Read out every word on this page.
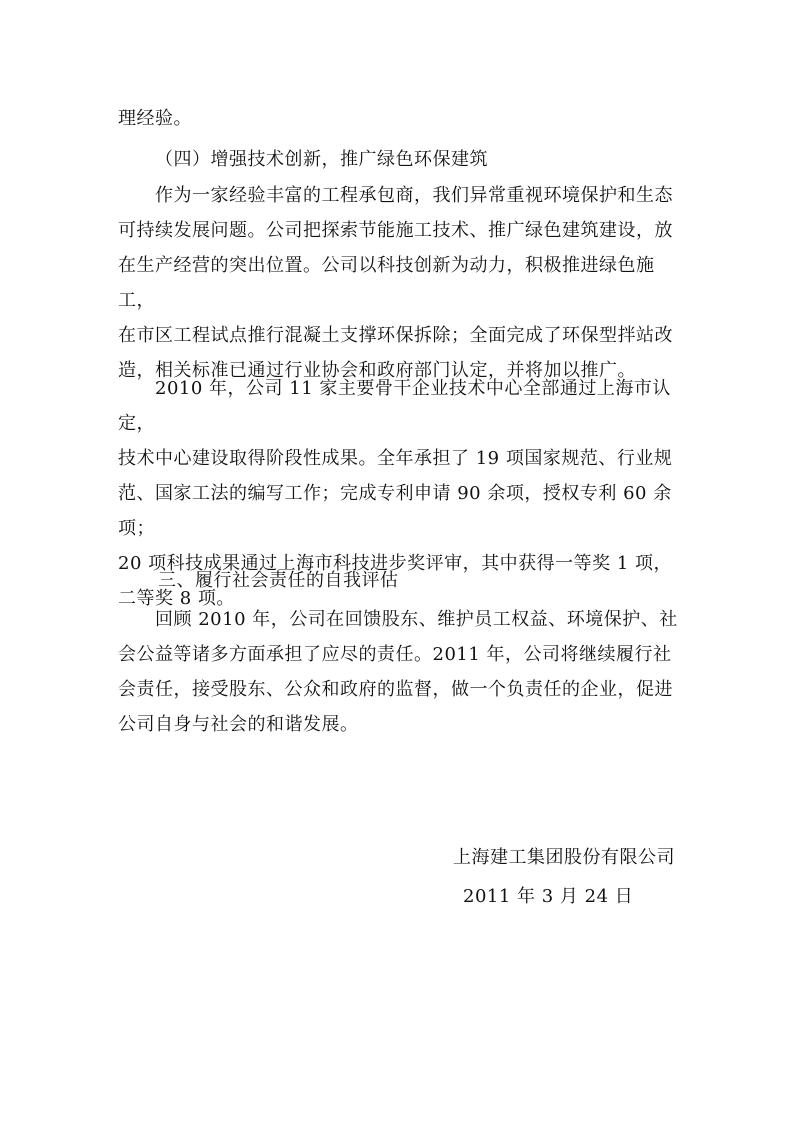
理经验。
（四）增强技术创新，推广绿色环保建筑
　　作为一家经验丰富的工程承包商，我们异常重视环境保护和生态
可持续发展问题。公司把探索节能施工技术、推广绿色建筑建设，放
在生产经营的突出位置。公司以科技创新为动力，积极推进绿色施工，
在市区工程试点推行混凝土支撑环保拆除；全面完成了环保型拌站改
造，相关标准已通过行业协会和政府部门认定，并将加以推广。
　　2010 年，公司 11 家主要骨干企业技术中心全部通过上海市认定，
技术中心建设取得阶段性成果。全年承担了 19 项国家规范、行业规
范、国家工法的编写工作；完成专利申请 90 余项，授权专利 60 余项；
20 项科技成果通过上海市科技进步奖评审，其中获得一等奖 1 项，
二等奖 8 项。
三、履行社会责任的自我评估
　　回顾 2010 年，公司在回馈股东、维护员工权益、环境保护、社
会公益等诸多方面承担了应尽的责任。2011 年，公司将继续履行社
会责任，接受股东、公众和政府的监督，做一个负责任的企业，促进
公司自身与社会的和谐发展。
上海建工集团股份有限公司
2011 年 3 月 24 日
